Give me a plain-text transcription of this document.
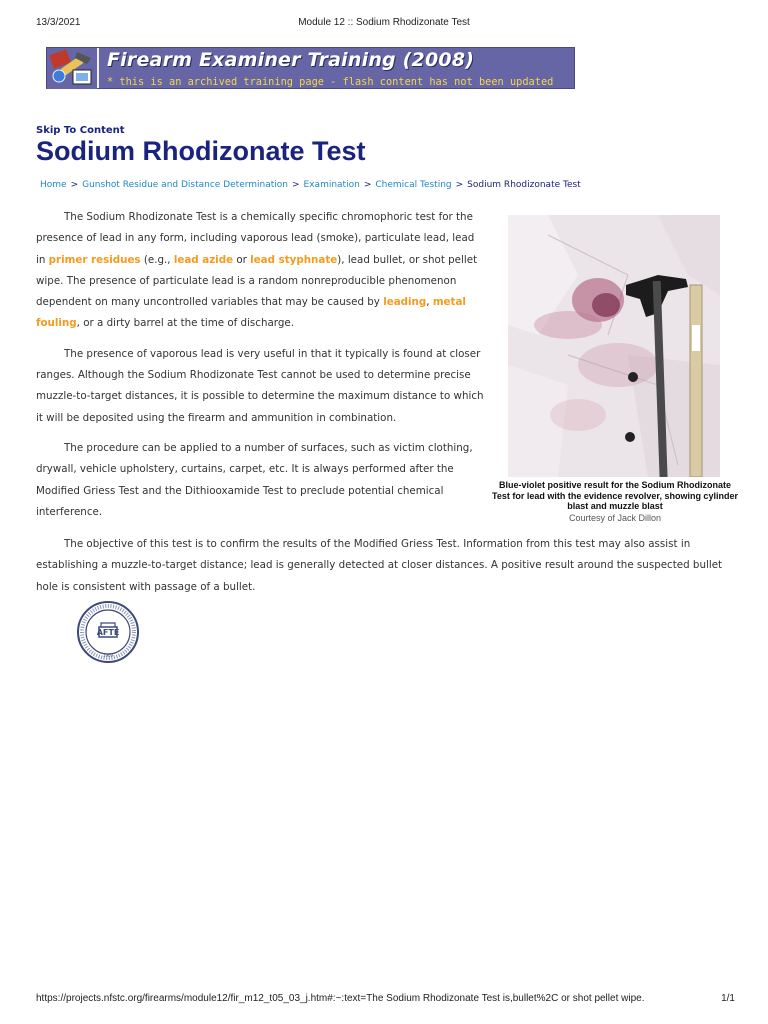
13/3/2021	Module 12 :: Sodium Rhodizonate Test
Firearm Examiner Training (2008)
* this is an archived training page - flash content has not been updated
Skip To Content
Sodium Rhodizonate Test
Home > Gunshot Residue and Distance Determination > Examination > Chemical Testing > Sodium Rhodizonate Test

The Sodium Rhodizonate Test is a chemically specific chromophoric test for the presence of lead in any form, including vaporous lead (smoke), particulate lead, lead in primer residues (e.g., lead azide or lead styphnate), lead bullet, or shot pellet wipe. The presence of particulate lead is a random nonreproducible phenomenon dependent on many uncontrolled variables that may be caused by leading, metal fouling, or a dirty barrel at the time of discharge.

The presence of vaporous lead is very useful in that it typically is found at closer ranges. Although the Sodium Rhodizonate Test cannot be used to determine precise muzzle-to-target distances, it is possible to determine the maximum distance to which it will be deposited using the firearm and ammunition in combination.

The procedure can be applied to a number of surfaces, such as victim clothing, drywall, vehicle upholstery, curtains, carpet, etc. It is always performed after the Modified Griess Test and the Dithiooxamide Test to preclude potential chemical interference.

The objective of this test is to confirm the results of the Modified Griess Test. Information from this test may also assist in establishing a muzzle-to-target distance; lead is generally detected at closer distances. A positive result around the suspected bullet hole is consistent with passage of a bullet.

Blue-violet positive result for the Sodium Rhodizonate Test for lead with the evidence revolver, showing cylinder blast and muzzle blast
Courtesy of Jack Dillon
AFTE
1969
https://projects.nfstc.org/firearms/module12/fir_m12_t05_03_j.htm#:~:text=The Sodium Rhodizonate Test is,bullet%2C or shot pellet wipe.	1/1
